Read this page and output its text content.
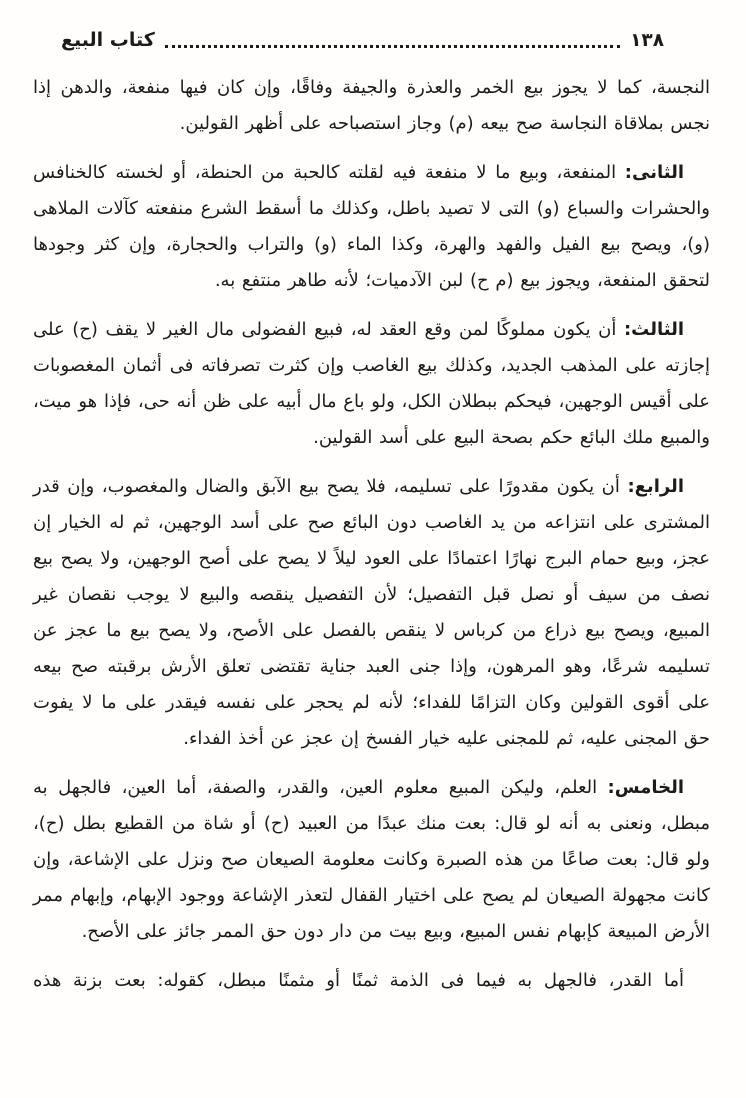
كتاب البيع	١٣٨

النجسة، كما لا يجوز بيع الخمر والعذرة والجيفة وفاقًا، وإن كان فيها منفعة، والدهن إذا نجس بملاقاة النجاسة صح بيعه (م) وجاز استصباحه على أظهر القولين.

الثانى: المنفعة، وبيع ما لا منفعة فيه لقلته كالحبة من الحنطة، أو لخسته كالخنافس والحشرات والسباع (و) التى لا تصيد باطل، وكذلك ما أسقط الشرع منفعته كآلات الملاهى (و)، ويصح بيع الفيل والفهد والهرة، وكذا الماء (و) والتراب والحجارة، وإن كثر وجودها لتحقق المنفعة، ويجوز بيع (م ح) لبن الآدميات؛ لأنه طاهر منتفع به.

الثالث: أن يكون مملوكًا لمن وقع العقد له، فبيع الفضولى مال الغير لا يقف (ح) على إجازته على المذهب الجديد، وكذلك بيع الغاصب وإن كثرت تصرفاته فى أثمان المغصوبات على أقيس الوجهين، فيحكم ببطلان الكل، ولو باع مال أبيه على ظن أنه حى، فإذا هو ميت، والمبيع ملك البائع حكم بصحة البيع على أسد القولين.

الرابع: أن يكون مقدورًا على تسليمه، فلا يصح بيع الآبق والضال والمغصوب، وإن قدر المشترى على انتزاعه من يد الغاصب دون البائع صح على أسد الوجهين، ثم له الخيار إن عجز، وبيع حمام البرج نهارًا اعتمادًا على العود ليلاً لا يصح على أصح الوجهين، ولا يصح بيع نصف من سيف أو نصل قبل التفصيل؛ لأن التفصيل ينقصه والبيع لا يوجب نقصان غير المبيع، ويصح بيع ذراع من كرباس لا ينقص بالفصل على الأصح، ولا يصح بيع ما عجز عن تسليمه شرعًا، وهو المرهون، وإذا جنى العبد جناية تقتضى تعلق الأرش برقبته صح بيعه على أقوى القولين وكان التزامًا للفداء؛ لأنه لم يحجر على نفسه فيقدر على ما لا يفوت حق المجنى عليه، ثم للمجنى عليه خيار الفسخ إن عجز عن أخذ الفداء.

الخامس: العلم، وليكن المبيع معلوم العين، والقدر، والصفة، أما العين، فالجهل به مبطل، ونعنى به أنه لو قال: بعت منك عبدًا من العبيد (ح) أو شاة من القطيع بطل (ح)، ولو قال: بعت صاعًا من هذه الصبرة وكانت معلومة الصيعان صح ونزل على الإشاعة، وإن كانت مجهولة الصيعان لم يصح على اختيار القفال لتعذر الإشاعة ووجود الإبهام، وإبهام ممر الأرض المبيعة كإبهام نفس المبيع، وبيع بيت من دار دون حق الممر جائز على الأصح.

أما القدر، فالجهل به فيما فى الذمة ثمنًا أو مثمنًا مبطل، كقوله: بعت بزنة هذه
